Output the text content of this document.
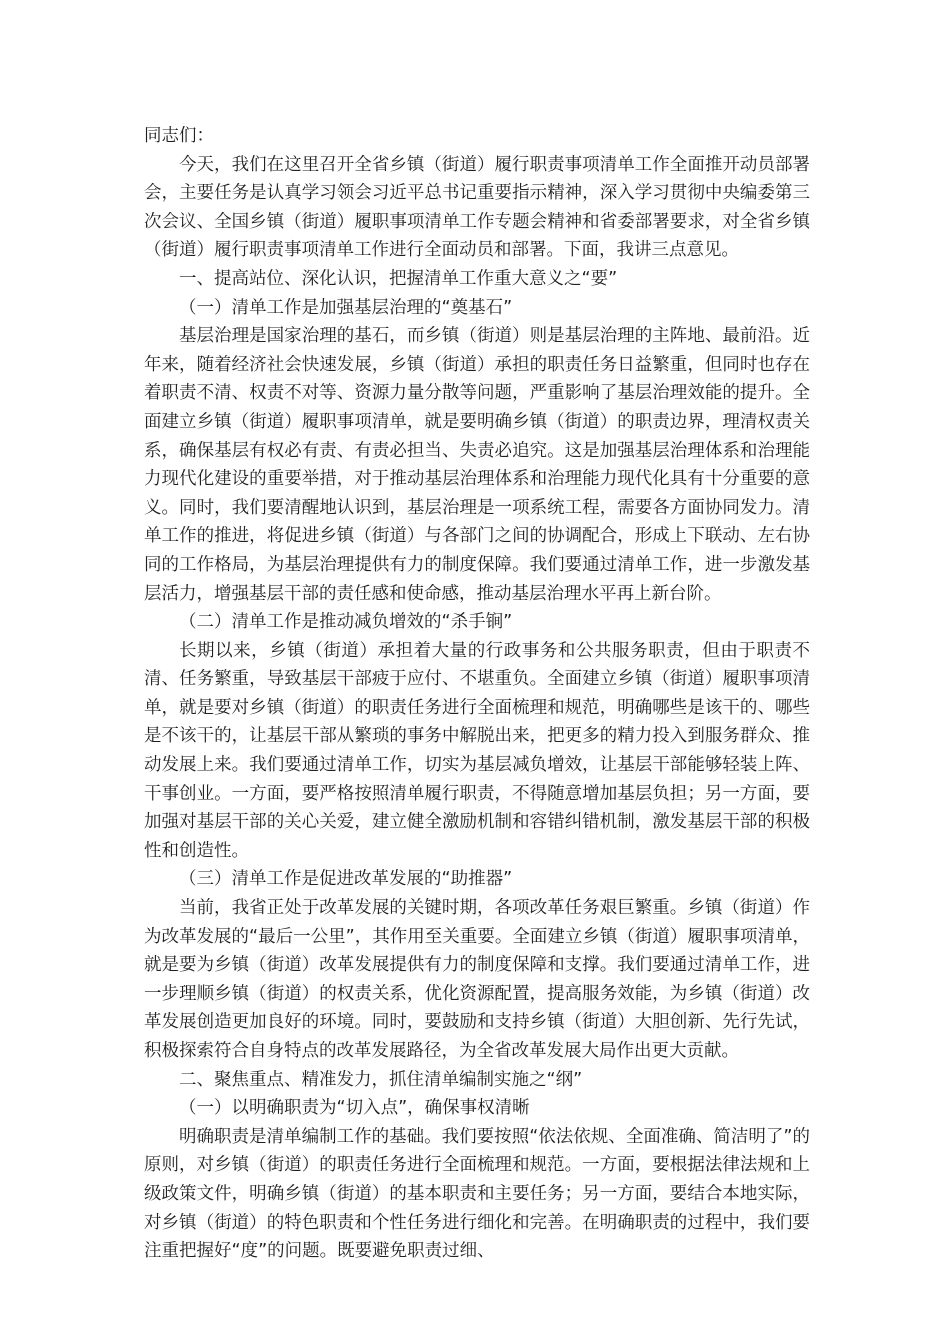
同志们：

今天，我们在这里召开全省乡镇（街道）履行职责事项清单工作全面推开动员部署会，主要任务是认真学习领会习近平总书记重要指示精神，深入学习贯彻中央编委第三次会议、全国乡镇（街道）履职事项清单工作专题会精神和省委部署要求，对全省乡镇（街道）履行职责事项清单工作进行全面动员和部署。下面，我讲三点意见。

一、提高站位、深化认识，把握清单工作重大意义之“要”

（一）清单工作是加强基层治理的“奠基石”

基层治理是国家治理的基石，而乡镇（街道）则是基层治理的主阵地、最前沿。近年来，随着经济社会快速发展，乡镇（街道）承担的职责任务日益繁重，但同时也存在着职责不清、权责不对等、资源力量分散等问题，严重影响了基层治理效能的提升。全面建立乡镇（街道）履职事项清单，就是要明确乡镇（街道）的职责边界，理清权责关系，确保基层有权必有责、有责必担当、失责必追究。这是加强基层治理体系和治理能力现代化建设的重要举措，对于推动基层治理体系和治理能力现代化具有十分重要的意义。同时，我们要清醒地认识到，基层治理是一项系统工程，需要各方面协同发力。清单工作的推进，将促进乡镇（街道）与各部门之间的协调配合，形成上下联动、左右协同的工作格局，为基层治理提供有力的制度保障。我们要通过清单工作，进一步激发基层活力，增强基层干部的责任感和使命感，推动基层治理水平再上新台阶。

（二）清单工作是推动减负增效的“杀手锏”

长期以来，乡镇（街道）承担着大量的行政事务和公共服务职责，但由于职责不清、任务繁重，导致基层干部疲于应付、不堪重负。全面建立乡镇（街道）履职事项清单，就是要对乡镇（街道）的职责任务进行全面梳理和规范，明确哪些是该干的、哪些是不该干的，让基层干部从繁琐的事务中解脱出来，把更多的精力投入到服务群众、推动发展上来。我们要通过清单工作，切实为基层减负增效，让基层干部能够轻装上阵、干事创业。一方面，要严格按照清单履行职责，不得随意增加基层负担；另一方面，要加强对基层干部的关心关爱，建立健全激励机制和容错纠错机制，激发基层干部的积极性和创造性。

（三）清单工作是促进改革发展的“助推器”

当前，我省正处于改革发展的关键时期，各项改革任务艰巨繁重。乡镇（街道）作为改革发展的“最后一公里”，其作用至关重要。全面建立乡镇（街道）履职事项清单，就是要为乡镇（街道）改革发展提供有力的制度保障和支撑。我们要通过清单工作，进一步理顺乡镇（街道）的权责关系，优化资源配置，提高服务效能，为乡镇（街道）改革发展创造更加良好的环境。同时，要鼓励和支持乡镇（街道）大胆创新、先行先试，积极探索符合自身特点的改革发展路径，为全省改革发展大局作出更大贡献。

二、聚焦重点、精准发力，抓住清单编制实施之“纲”

（一）以明确职责为“切入点”，确保事权清晰

明确职责是清单编制工作的基础。我们要按照“依法依规、全面准确、简洁明了”的原则，对乡镇（街道）的职责任务进行全面梳理和规范。一方面，要根据法律法规和上级政策文件，明确乡镇（街道）的基本职责和主要任务；另一方面，要结合本地实际，对乡镇（街道）的特色职责和个性任务进行细化和完善。在明确职责的过程中，我们要注重把握好“度”的问题。既要避免职责过细、
